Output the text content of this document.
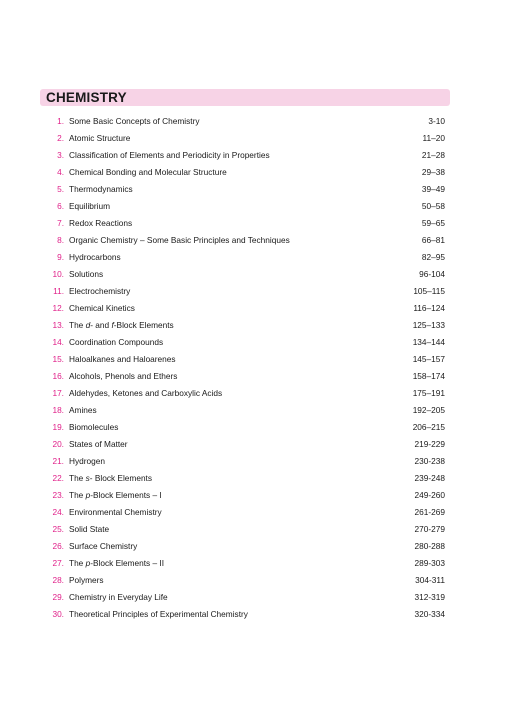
CHEMISTRY
1. Some Basic Concepts of Chemistry	3-10
2. Atomic Structure	11–20
3. Classification of Elements and Periodicity in Properties	21–28
4. Chemical Bonding and Molecular Structure	29–38
5. Thermodynamics	39–49
6. Equilibrium	50–58
7. Redox Reactions	59–65
8. Organic Chemistry – Some Basic Principles and Techniques	66–81
9. Hydrocarbons	82–95
10. Solutions	96-104
11. Electrochemistry	105–115
12. Chemical Kinetics	116–124
13. The d- and f-Block Elements	125–133
14. Coordination Compounds	134–144
15. Haloalkanes and Haloarenes	145–157
16. Alcohols, Phenols and Ethers	158–174
17. Aldehydes, Ketones and Carboxylic Acids	175–191
18. Amines	192–205
19. Biomolecules	206–215
20. States of Matter	219-229
21. Hydrogen	230-238
22. The s- Block Elements	239-248
23. The p-Block Elements – I	249-260
24. Environmental Chemistry	261-269
25. Solid State	270-279
26. Surface Chemistry	280-288
27. The p-Block Elements – II	289-303
28. Polymers	304-311
29. Chemistry in Everyday Life	312-319
30. Theoretical Principles of Experimental Chemistry	320-334
